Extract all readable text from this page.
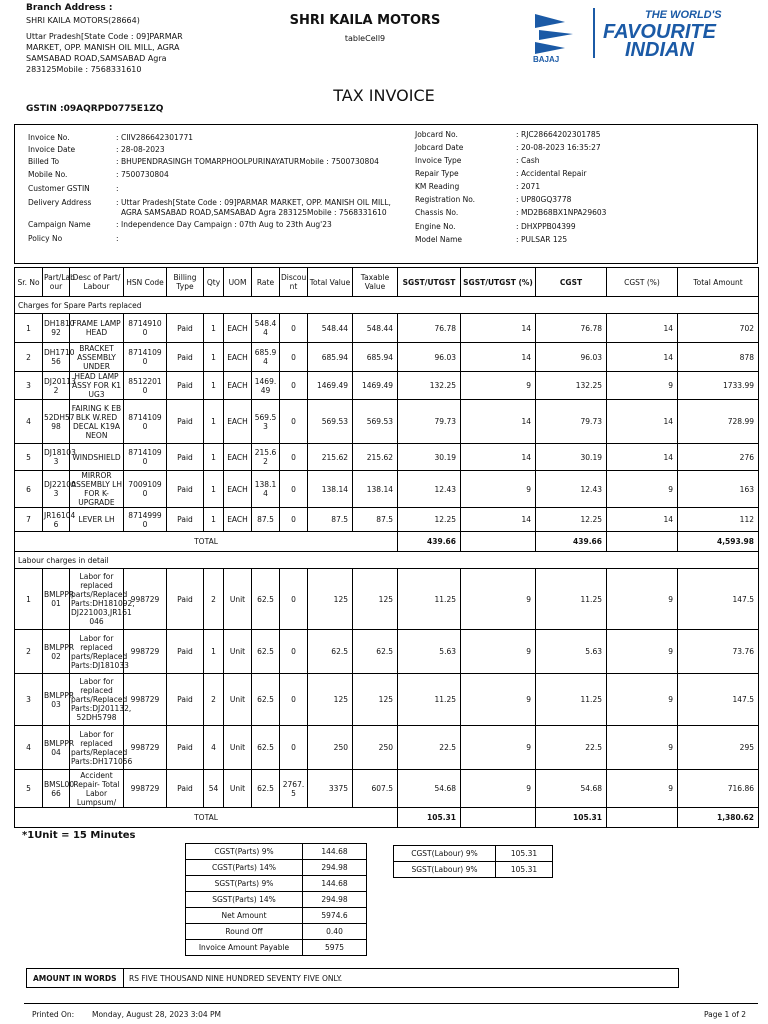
Branch Address :
SHRI KAILA MOTORS(28664)
Uttar Pradesh[State Code : 09]PARMAR MARKET, OPP. MANISH OIL MILL, AGRA SAMSABAD ROAD,SAMSABAD Agra 283125Mobile : 7568331610
SHRI KAILA MOTORS
tableCell9
BAJAJ
THE WORLD'S
FAVOURITE
INDIAN
TAX INVOICE
GSTIN :09AQRPD0775E1ZQ
Invoice No.	: CIIV286642301771
Invoice Date	: 28-08-2023
Billed To	: BHUPENDRASINGH TOMARPHOOLPURINAYATURMobile : 7500730804
Mobile No.	: 7500730804
Customer GSTIN	:
Delivery Address	: Uttar Pradesh[State Code : 09]PARMAR MARKET, OPP. MANISH OIL MILL,
AGRA SAMSABAD ROAD,SAMSABAD Agra 283125Mobile : 7568331610
Campaign Name	: Independence Day Campaign : 07th Aug to 23th Aug'23
Policy No	:
Jobcard No.	: RJC28664202301785
Jobcard Date	: 20-08-2023 16:35:27
Invoice Type	: Cash
Repair Type	: Accidental Repair
KM Reading	: 2071
Registration No.	: UP80GQ3778
Chassis No.	: MD2B68BX1NPA29603
Engine No.	: DHXPPB04399
Model Name	: PULSAR 125
Sr. No	Part/Lab our	Desc of Part/ Labour	HSN Code	Billing Type	Qty	UOM	Rate	Discou nt	Total Value	Taxable Value	SGST/UTGST	SGST/UTGST (%)	CGST	CGST (%)	Total Amount
Charges for Spare Parts replaced															
1	DH1810 92	FRAME LAMP HEAD	8714910 0	Paid	1	EACH	548.4 4	0	548.44	548.44	76.78	14	76.78	14	702
2	DH1710 56	BRACKET ASSEMBLY UNDER	8714109 0	Paid	1	EACH	685.9 4	0	685.94	685.94	96.03	14	96.03	14	878
3	DJ20113 2	HEAD LAMP ASSY FOR K1 UG3	8512201 0	Paid	1	EACH	1469. 49	0	1469.49	1469.49	132.25	9	132.25	9	1733.99
4	52DH57 98	FAIRING K EB BLK W.RED DECAL K19A NEON	8714109 0	Paid	1	EACH	569.5 3	0	569.53	569.53	79.73	14	79.73	14	728.99
5	DJ18103 3	WINDSHIELD	8714109 0	Paid	1	EACH	215.6 2	0	215.62	215.62	30.19	14	30.19	14	276
6	DJ22100 3	MIRROR ASSEMBLY LH FOR K-UPGRADE	7009109 0	Paid	1	EACH	138.1 4	0	138.14	138.14	12.43	9	12.43	9	163
7	JR16104 6	LEVER LH	8714999 0	Paid	1	EACH	87.5	0	87.5	87.5	12.25	14	12.25	14	112
TOTAL											439.66		439.66		4,593.98
Labour charges in detail															
1	BMLPPR 01	Labor for replaced parts/Replaced Parts:DH181092, DJ221003,JR161 046	998729	Paid	2	Unit	62.5	0	125	125	11.25	9	11.25	9	147.5
2	BMLPPR 02	Labor for replaced parts/Replaced Parts:DJ181033	998729	Paid	1	Unit	62.5	0	62.5	62.5	5.63	9	5.63	9	73.76
3	BMLPPR 03	Labor for replaced parts/Replaced Parts:DJ201132, 52DH5798	998729	Paid	2	Unit	62.5	0	125	125	11.25	9	11.25	9	147.5
4	BMLPPR 04	Labor for replaced parts/Replaced Parts:DH171056	998729	Paid	4	Unit	62.5	0	250	250	22.5	9	22.5	9	295
5	BMSL00 66	Accident Repair- Total Labor Lumpsum/	998729	Paid	54	Unit	62.5	2767. 5	3375	607.5	54.68	9	54.68	9	716.86
TOTAL											105.31		105.31		1,380.62
*1Unit = 15 Minutes
CGST(Parts) 9%	144.68
CGST(Parts) 14%	294.98
SGST(Parts) 9%	144.68
SGST(Parts) 14%	294.98
Net Amount	5974.6
Round Off	0.40
Invoice Amount Payable	5975
CGST(Labour) 9%	105.31
SGST(Labour) 9%	105.31
AMOUNT IN WORDS RS FIVE THOUSAND NINE HUNDRED SEVENTY FIVE ONLY.
Printed On: Monday, August 28, 2023 3:04 PM	Page 1 of 2
